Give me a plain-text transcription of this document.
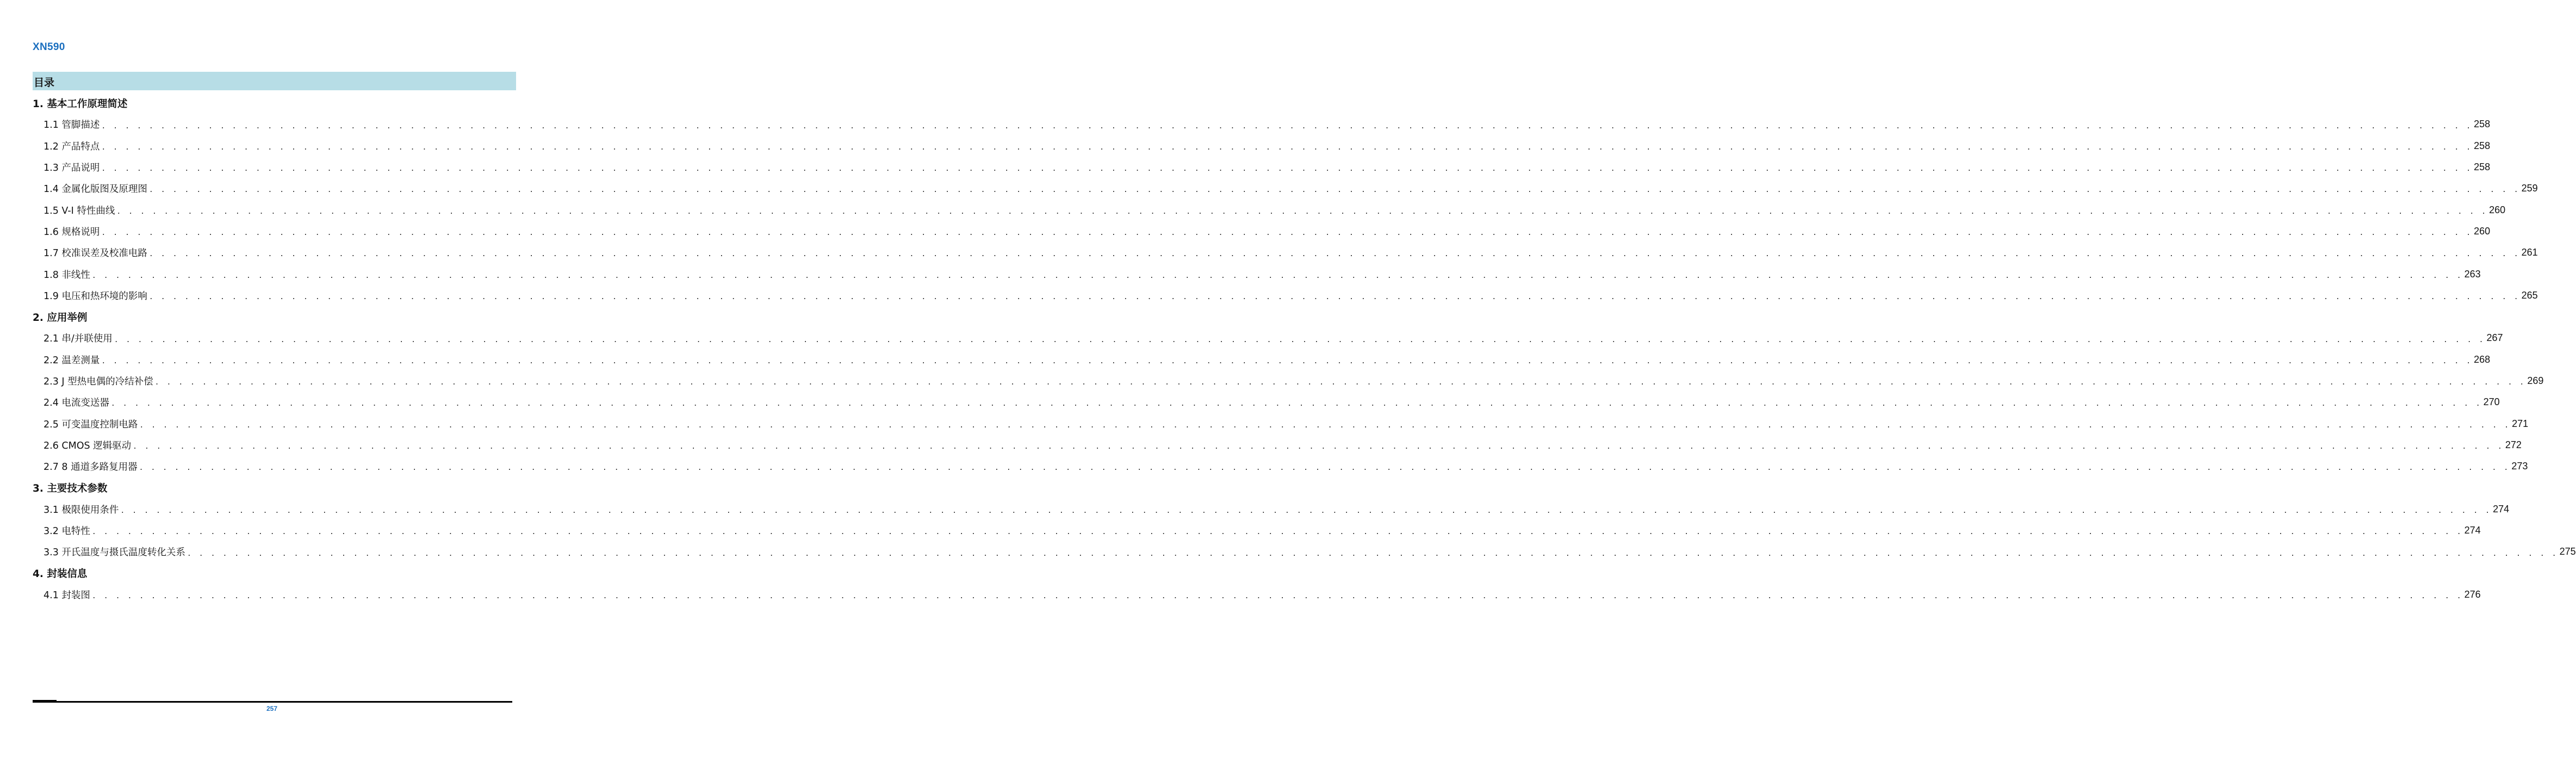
XN590
目录
1. 基本工作原理简述
1.1 管脚描述 . . . . . . . . . . . . . . . . . . . . . . . . . . . . . . . . . . . . . . . . . . . . . . . . . . . . . . . . . . . . . . . . . . . . . . . . . . . . . . . . . . . . . . . . . . . . . . . . . . . . . . . . . . . . . . . . . . . . . . . . . . . . . . . . . . . . . . . . . . . . . . . . . . . . . . . . . . . . . . . . . . . . . . . . . . . . . . . . . . . . . . . . . . . . . . . . . . . . . . . . 258
1.2 产品特点 . . . . . . . . . . . . . . . . . . . . . . . . . . . . . . . . . . . . . . . . . . . . . . . . . . . . . . . . . . . . . . . . . . . . . . . . . . . . . . . . . . . . . . . . . . . . . . . . . . . . . . . . . . . . . . . . . . . . . . . . . . . . . . . . . . . . . . . . . . . . . . . . . . . . . . . . . . . . . . . . . . . . . . . . . . . . . . . . . . . . . . . . . . . . . . . . . . . . . . . . 258
1.3 产品说明 . . . . . . . . . . . . . . . . . . . . . . . . . . . . . . . . . . . . . . . . . . . . . . . . . . . . . . . . . . . . . . . . . . . . . . . . . . . . . . . . . . . . . . . . . . . . . . . . . . . . . . . . . . . . . . . . . . . . . . . . . . . . . . . . . . . . . . . . . . . . . . . . . . . . . . . . . . . . . . . . . . . . . . . . . . . . . . . . . . . . . . . . . . . . . . . . . . . . . . . . 258
1.4 金属化版图及原理图 . . . . . . . . . . . . . . . . . . . . . . . . . . . . . . . . . . . . . . . . . . . . . . . . . . . . . . . . . . . . . . . . . . . . . . . . . . . . . . . . . . . . . . . . . . . . . . . . . . . . . . . . . . . . . . . . . . . . . . . . . . . . . . . . . . . . . . . . . . . . . . . . . . . . . . . . . . . . . . . . . . . . . . . . . . . . . . . . . . . . . . . . . . . . . . . . . . . . . . . . 259
1.5 V-I 特性曲线 . . . . . . . . . . . . . . . . . . . . . . . . . . . . . . . . . . . . . . . . . . . . . . . . . . . . . . . . . . . . . . . . . . . . . . . . . . . . . . . . . . . . . . . . . . . . . . . . . . . . . . . . . . . . . . . . . . . . . . . . . . . . . . . . . . . . . . . . . . . . . . . . . . . . . . . . . . . . . . . . . . . . . . . . . . . . . . . . . . . . . . . . . . . . . . . . . . . . . . . . 260
1.6 规格说明 . . . . . . . . . . . . . . . . . . . . . . . . . . . . . . . . . . . . . . . . . . . . . . . . . . . . . . . . . . . . . . . . . . . . . . . . . . . . . . . . . . . . . . . . . . . . . . . . . . . . . . . . . . . . . . . . . . . . . . . . . . . . . . . . . . . . . . . . . . . . . . . . . . . . . . . . . . . . . . . . . . . . . . . . . . . . . . . . . . . . . . . . . . . . . . . . . . . . . . . . 260
1.7 校准误差及校准电路 . . . . . . . . . . . . . . . . . . . . . . . . . . . . . . . . . . . . . . . . . . . . . . . . . . . . . . . . . . . . . . . . . . . . . . . . . . . . . . . . . . . . . . . . . . . . . . . . . . . . . . . . . . . . . . . . . . . . . . . . . . . . . . . . . . . . . . . . . . . . . . . . . . . . . . . . . . . . . . . . . . . . . . . . . . . . . . . . . . . . . . . . . . . . . . . . . . . . . . . . 261
1.8 非线性 . . . . . . . . . . . . . . . . . . . . . . . . . . . . . . . . . . . . . . . . . . . . . . . . . . . . . . . . . . . . . . . . . . . . . . . . . . . . . . . . . . . . . . . . . . . . . . . . . . . . . . . . . . . . . . . . . . . . . . . . . . . . . . . . . . . . . . . . . . . . . . . . . . . . . . . . . . . . . . . . . . . . . . . . . . . . . . . . . . . . . . . . . . . . . . . . . . . . . . . . 263
1.9 电压和热环境的影响 . . . . . . . . . . . . . . . . . . . . . . . . . . . . . . . . . . . . . . . . . . . . . . . . . . . . . . . . . . . . . . . . . . . . . . . . . . . . . . . . . . . . . . . . . . . . . . . . . . . . . . . . . . . . . . . . . . . . . . . . . . . . . . . . . . . . . . . . . . . . . . . . . . . . . . . . . . . . . . . . . . . . . . . . . . . . . . . . . . . . . . . . . . . . . . . . . . . . . . . . 265
2. 应用举例
2.1 串/并联使用 . . . . . . . . . . . . . . . . . . . . . . . . . . . . . . . . . . . . . . . . . . . . . . . . . . . . . . . . . . . . . . . . . . . . . . . . . . . . . . . . . . . . . . . . . . . . . . . . . . . . . . . . . . . . . . . . . . . . . . . . . . . . . . . . . . . . . . . . . . . . . . . . . . . . . . . . . . . . . . . . . . . . . . . . . . . . . . . . . . . . . . . . . . . . . . . . . . . . . . . . 267
2.2 温差测量 . . . . . . . . . . . . . . . . . . . . . . . . . . . . . . . . . . . . . . . . . . . . . . . . . . . . . . . . . . . . . . . . . . . . . . . . . . . . . . . . . . . . . . . . . . . . . . . . . . . . . . . . . . . . . . . . . . . . . . . . . . . . . . . . . . . . . . . . . . . . . . . . . . . . . . . . . . . . . . . . . . . . . . . . . . . . . . . . . . . . . . . . . . . . . . . . . . . . . . . . 268
2.3 J 型热电偶的冷结补偿 . . . . . . . . . . . . . . . . . . . . . . . . . . . . . . . . . . . . . . . . . . . . . . . . . . . . . . . . . . . . . . . . . . . . . . . . . . . . . . . . . . . . . . . . . . . . . . . . . . . . . . . . . . . . . . . . . . . . . . . . . . . . . . . . . . . . . . . . . . . . . . . . . . . . . . . . . . . . . . . . . . . . . . . . . . . . . . . . . . . . . . . . . . . . . . . . . . . . . . . . 269
2.4 电流变送器 . . . . . . . . . . . . . . . . . . . . . . . . . . . . . . . . . . . . . . . . . . . . . . . . . . . . . . . . . . . . . . . . . . . . . . . . . . . . . . . . . . . . . . . . . . . . . . . . . . . . . . . . . . . . . . . . . . . . . . . . . . . . . . . . . . . . . . . . . . . . . . . . . . . . . . . . . . . . . . . . . . . . . . . . . . . . . . . . . . . . . . . . . . . . . . . . . . . . . . . . 270
2.5 可变温度控制电路 . . . . . . . . . . . . . . . . . . . . . . . . . . . . . . . . . . . . . . . . . . . . . . . . . . . . . . . . . . . . . . . . . . . . . . . . . . . . . . . . . . . . . . . . . . . . . . . . . . . . . . . . . . . . . . . . . . . . . . . . . . . . . . . . . . . . . . . . . . . . . . . . . . . . . . . . . . . . . . . . . . . . . . . . . . . . . . . . . . . . . . . . . . . . . . . . . . . . . . . . 271
2.6 CMOS 逻辑驱动 . . . . . . . . . . . . . . . . . . . . . . . . . . . . . . . . . . . . . . . . . . . . . . . . . . . . . . . . . . . . . . . . . . . . . . . . . . . . . . . . . . . . . . . . . . . . . . . . . . . . . . . . . . . . . . . . . . . . . . . . . . . . . . . . . . . . . . . . . . . . . . . . . . . . . . . . . . . . . . . . . . . . . . . . . . . . . . . . . . . . . . . . . . . . . . . . . . . . . . . . 272
2.7 8 通道多路复用器 . . . . . . . . . . . . . . . . . . . . . . . . . . . . . . . . . . . . . . . . . . . . . . . . . . . . . . . . . . . . . . . . . . . . . . . . . . . . . . . . . . . . . . . . . . . . . . . . . . . . . . . . . . . . . . . . . . . . . . . . . . . . . . . . . . . . . . . . . . . . . . . . . . . . . . . . . . . . . . . . . . . . . . . . . . . . . . . . . . . . . . . . . . . . . . . . . . . . . . . . 273
3. 主要技术参数
3.1 极限使用条件 . . . . . . . . . . . . . . . . . . . . . . . . . . . . . . . . . . . . . . . . . . . . . . . . . . . . . . . . . . . . . . . . . . . . . . . . . . . . . . . . . . . . . . . . . . . . . . . . . . . . . . . . . . . . . . . . . . . . . . . . . . . . . . . . . . . . . . . . . . . . . . . . . . . . . . . . . . . . . . . . . . . . . . . . . . . . . . . . . . . . . . . . . . . . . . . . . . . . . . . . 274
3.2 电特性 . . . . . . . . . . . . . . . . . . . . . . . . . . . . . . . . . . . . . . . . . . . . . . . . . . . . . . . . . . . . . . . . . . . . . . . . . . . . . . . . . . . . . . . . . . . . . . . . . . . . . . . . . . . . . . . . . . . . . . . . . . . . . . . . . . . . . . . . . . . . . . . . . . . . . . . . . . . . . . . . . . . . . . . . . . . . . . . . . . . . . . . . . . . . . . . . . . . . . . . . 274
3.3 开氏温度与摄氏温度转化关系 . . . . . . . . . . . . . . . . . . . . . . . . . . . . . . . . . . . . . . . . . . . . . . . . . . . . . . . . . . . . . . . . . . . . . . . . . . . . . . . . . . . . . . . . . . . . . . . . . . . . . . . . . . . . . . . . . . . . . . . . . . . . . . . . . . . . . . . . . . . . . . . . . . . . . . . . . . . . . . . . . . . . . . . . . . . . . . . . . . . . . . . . . . . . . . . . . . . . . . . . 275
4. 封装信息
4.1 封装图 . . . . . . . . . . . . . . . . . . . . . . . . . . . . . . . . . . . . . . . . . . . . . . . . . . . . . . . . . . . . . . . . . . . . . . . . . . . . . . . . . . . . . . . . . . . . . . . . . . . . . . . . . . . . . . . . . . . . . . . . . . . . . . . . . . . . . . . . . . . . . . . . . . . . . . . . . . . . . . . . . . . . . . . . . . . . . . . . . . . . . . . . . . . . . . . . . . . . . . . . 276
257
